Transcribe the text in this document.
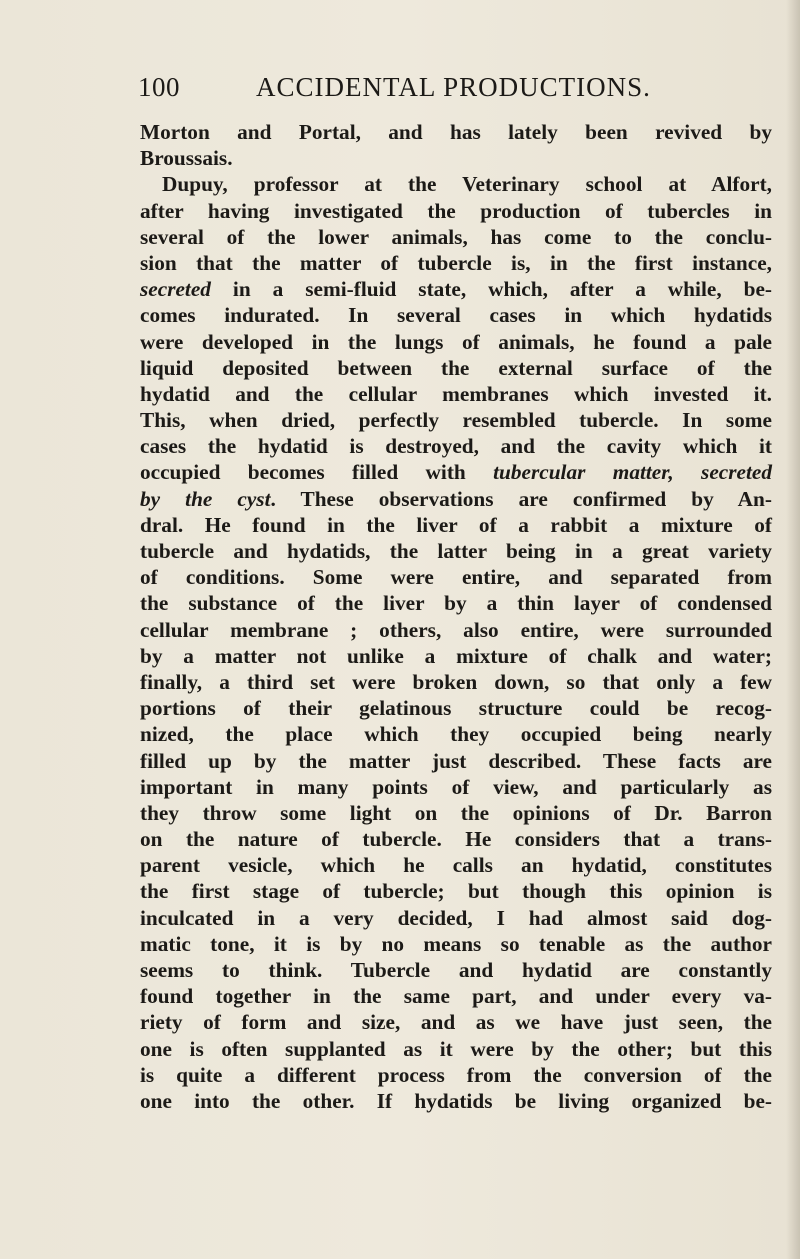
100	ACCIDENTAL PRODUCTIONS.
Morton and Portal, and has lately been revived by
Broussais.
Dupuy, professor at the Veterinary school at Alfort,
after having investigated the production of tubercles in
several of the lower animals, has come to the conclu-
sion that the matter of tubercle is, in the first instance,
secreted in a semi-fluid state, which, after a while, be-
comes indurated. In several cases in which hydatids
were developed in the lungs of animals, he found a pale
liquid deposited between the external surface of the
hydatid and the cellular membranes which invested it.
This, when dried, perfectly resembled tubercle. In some
cases the hydatid is destroyed, and the cavity which it
occupied becomes filled with tubercular matter, secreted
by the cyst. These observations are confirmed by An-
dral. He found in the liver of a rabbit a mixture of
tubercle and hydatids, the latter being in a great variety
of conditions. Some were entire, and separated from
the substance of the liver by a thin layer of condensed
cellular membrane ; others, also entire, were surrounded
by a matter not unlike a mixture of chalk and water;
finally, a third set were broken down, so that only a few
portions of their gelatinous structure could be recog-
nized, the place which they occupied being nearly
filled up by the matter just described. These facts are
important in many points of view, and particularly as
they throw some light on the opinions of Dr. Barron
on the nature of tubercle. He considers that a trans-
parent vesicle, which he calls an hydatid, constitutes
the first stage of tubercle; but though this opinion is
inculcated in a very decided, I had almost said dog-
matic tone, it is by no means so tenable as the author
seems to think. Tubercle and hydatid are constantly
found together in the same part, and under every va-
riety of form and size, and as we have just seen, the
one is often supplanted as it were by the other; but this
is quite a different process from the conversion of the
one into the other. If hydatids be living organized be-
